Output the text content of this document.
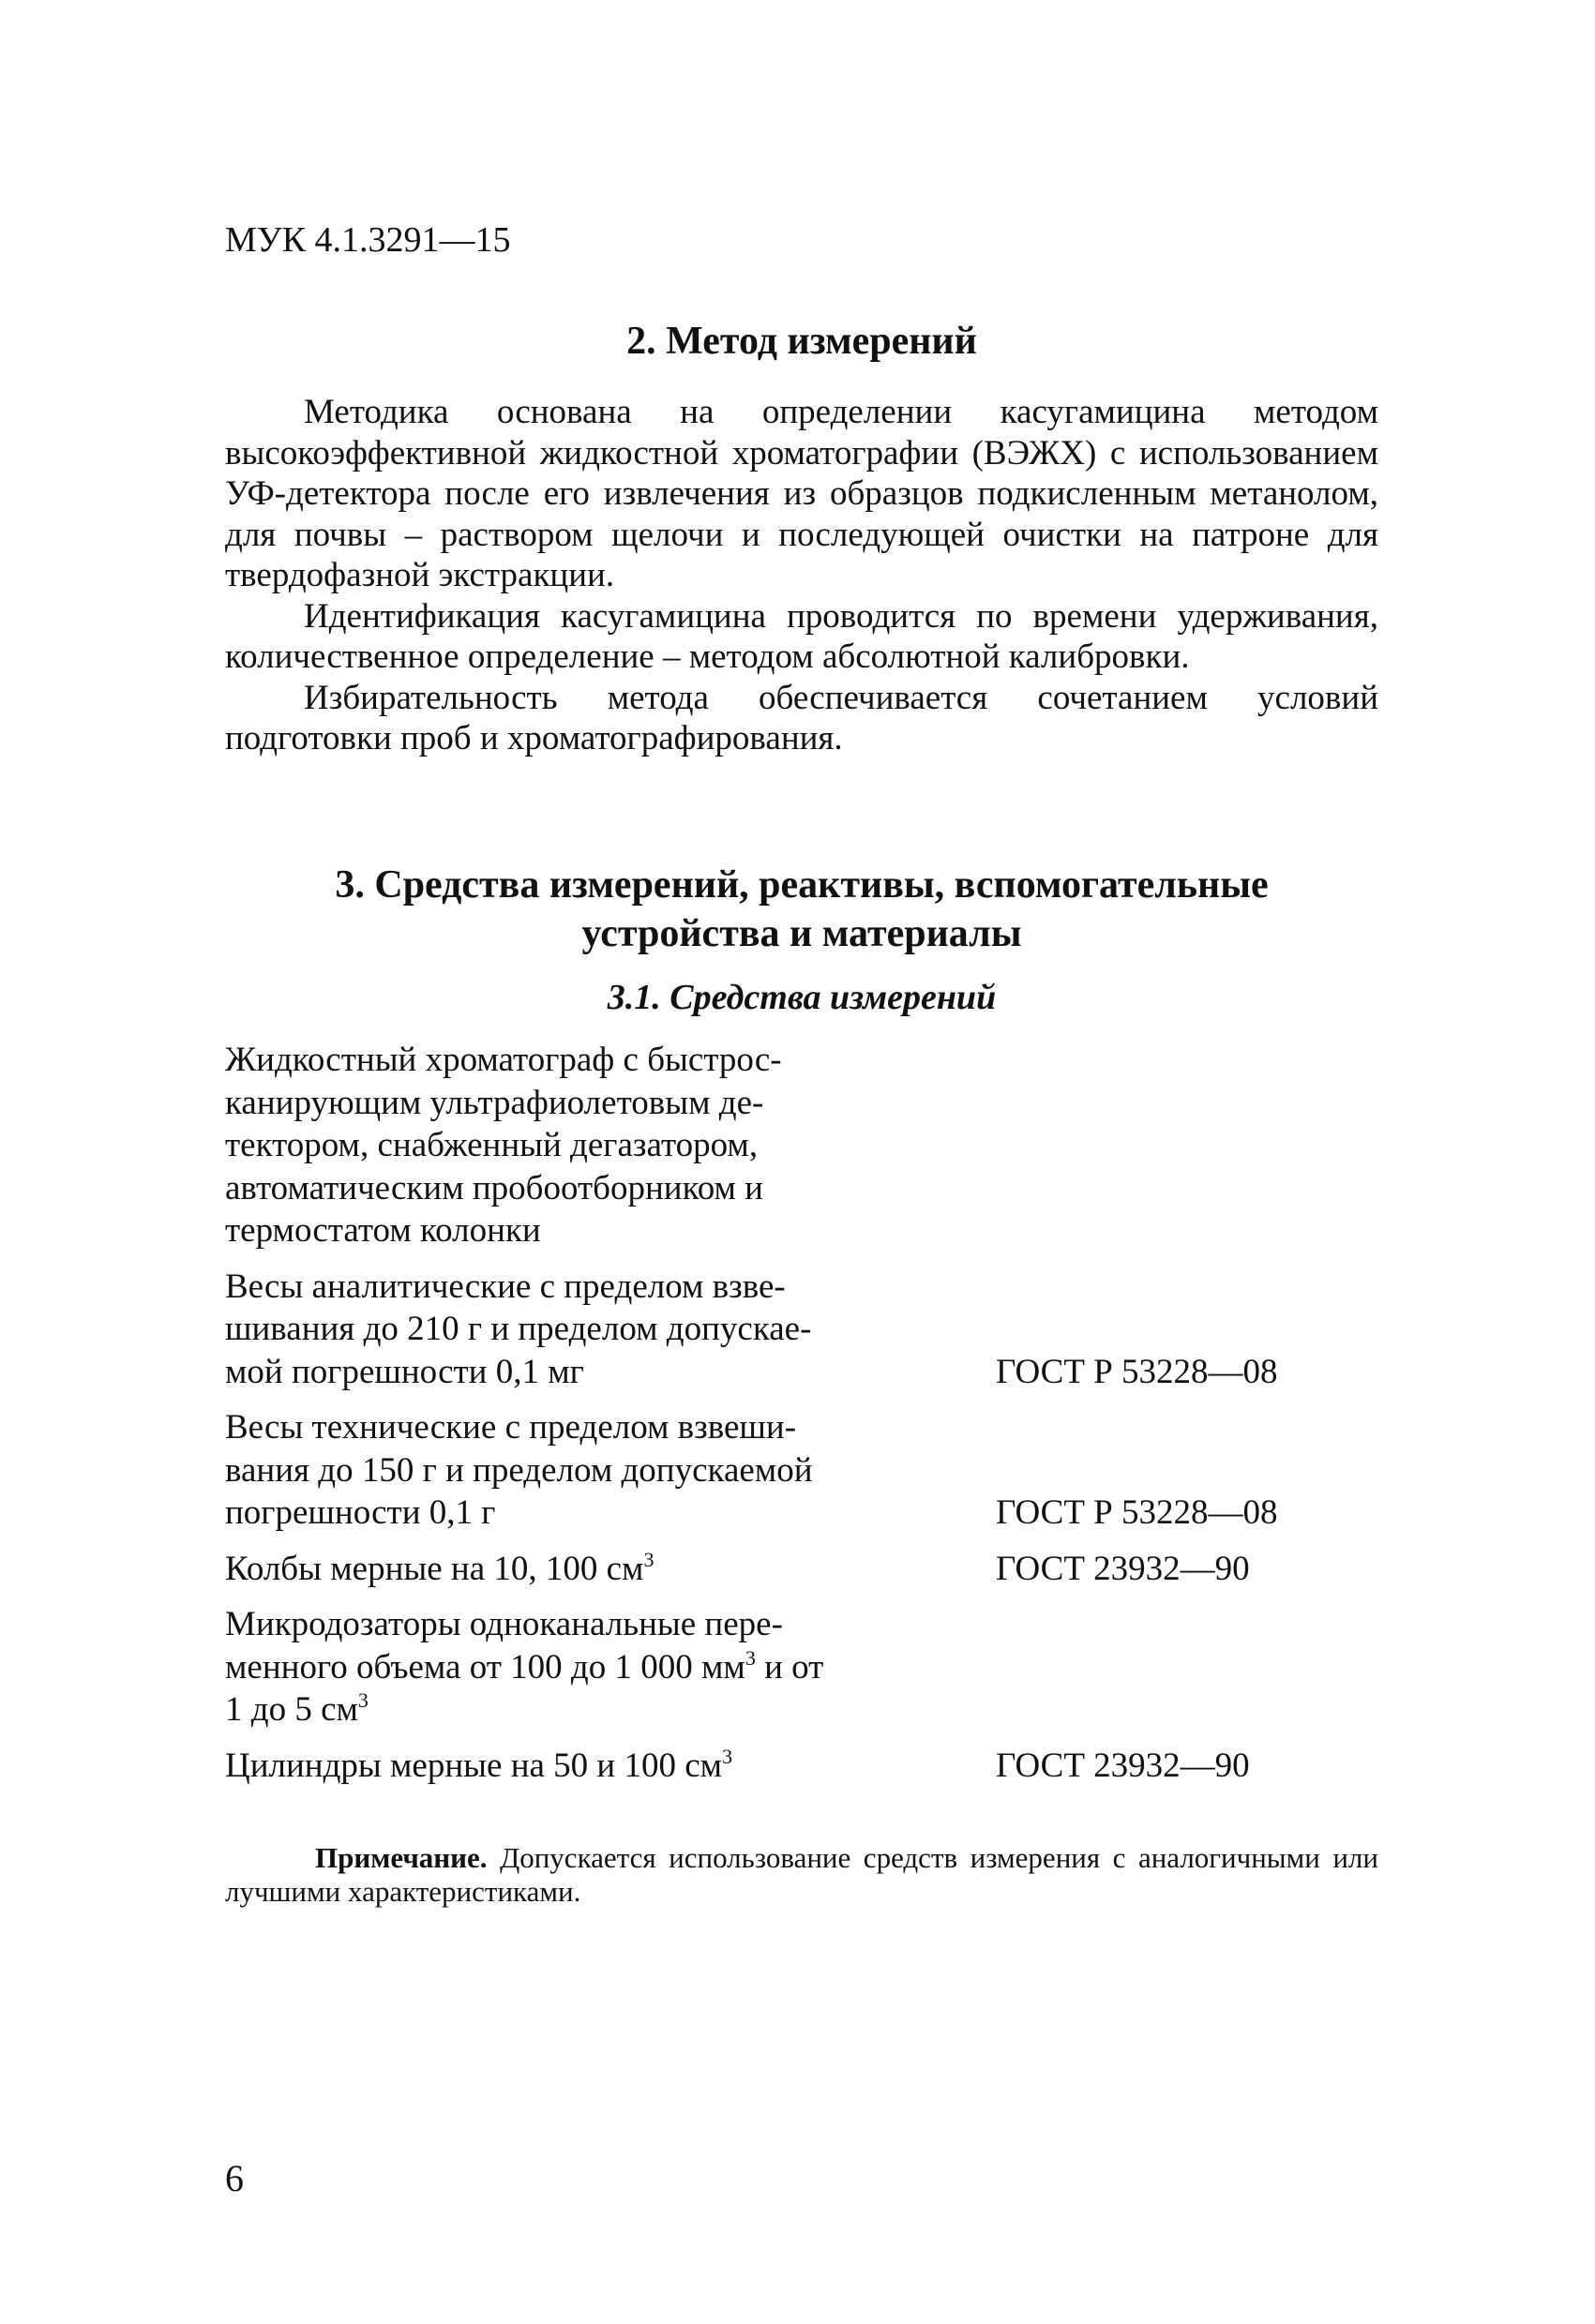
МУК 4.1.3291—15
2. Метод измерений

Методика основана на определении касугамицина методом высокоэффективной жидкостной хроматографии (ВЭЖХ) с использованием УФ-детектора после его извлечения из образцов подкисленным метанолом, для почвы – раствором щелочи и последующей очистки на патроне для твердофазной экстракции.

Идентификация касугамицина проводится по времени удерживания, количественное определение – методом абсолютной калибровки.

Избирательность метода обеспечивается сочетанием условий подготовки проб и хроматографирования.

3. Средства измерений, реактивы, вспомогательные
устройства и материалы
3.1. Средства измерений
Жидкостный хроматограф с быстрос-
канирующим ультрафиолетовым де-
тектором, снабженный дегазатором,
автоматическим пробоотборником и
термостатом колонки
Весы аналитические с пределом взве-
шивания до 210 г и пределом допускае-
мой погрешности 0,1 мг	ГОСТ Р 53228—08
Весы технические с пределом взвеши-
вания до 150 г и пределом допускаемой
погрешности 0,1 г	ГОСТ Р 53228—08
Колбы мерные на 10, 100 $см^3$	ГОСТ 23932—90
Микродозаторы одноканальные пере-
менного объема от 100 до 1 000 $мм^3$ и от
1 до 5 $см^3$
Цилиндры мерные на 50 и 100 $см^3$	ГОСТ 23932—90
Примечание. Допускается использование средств измерения с аналогичными или лучшими характеристиками.
6
